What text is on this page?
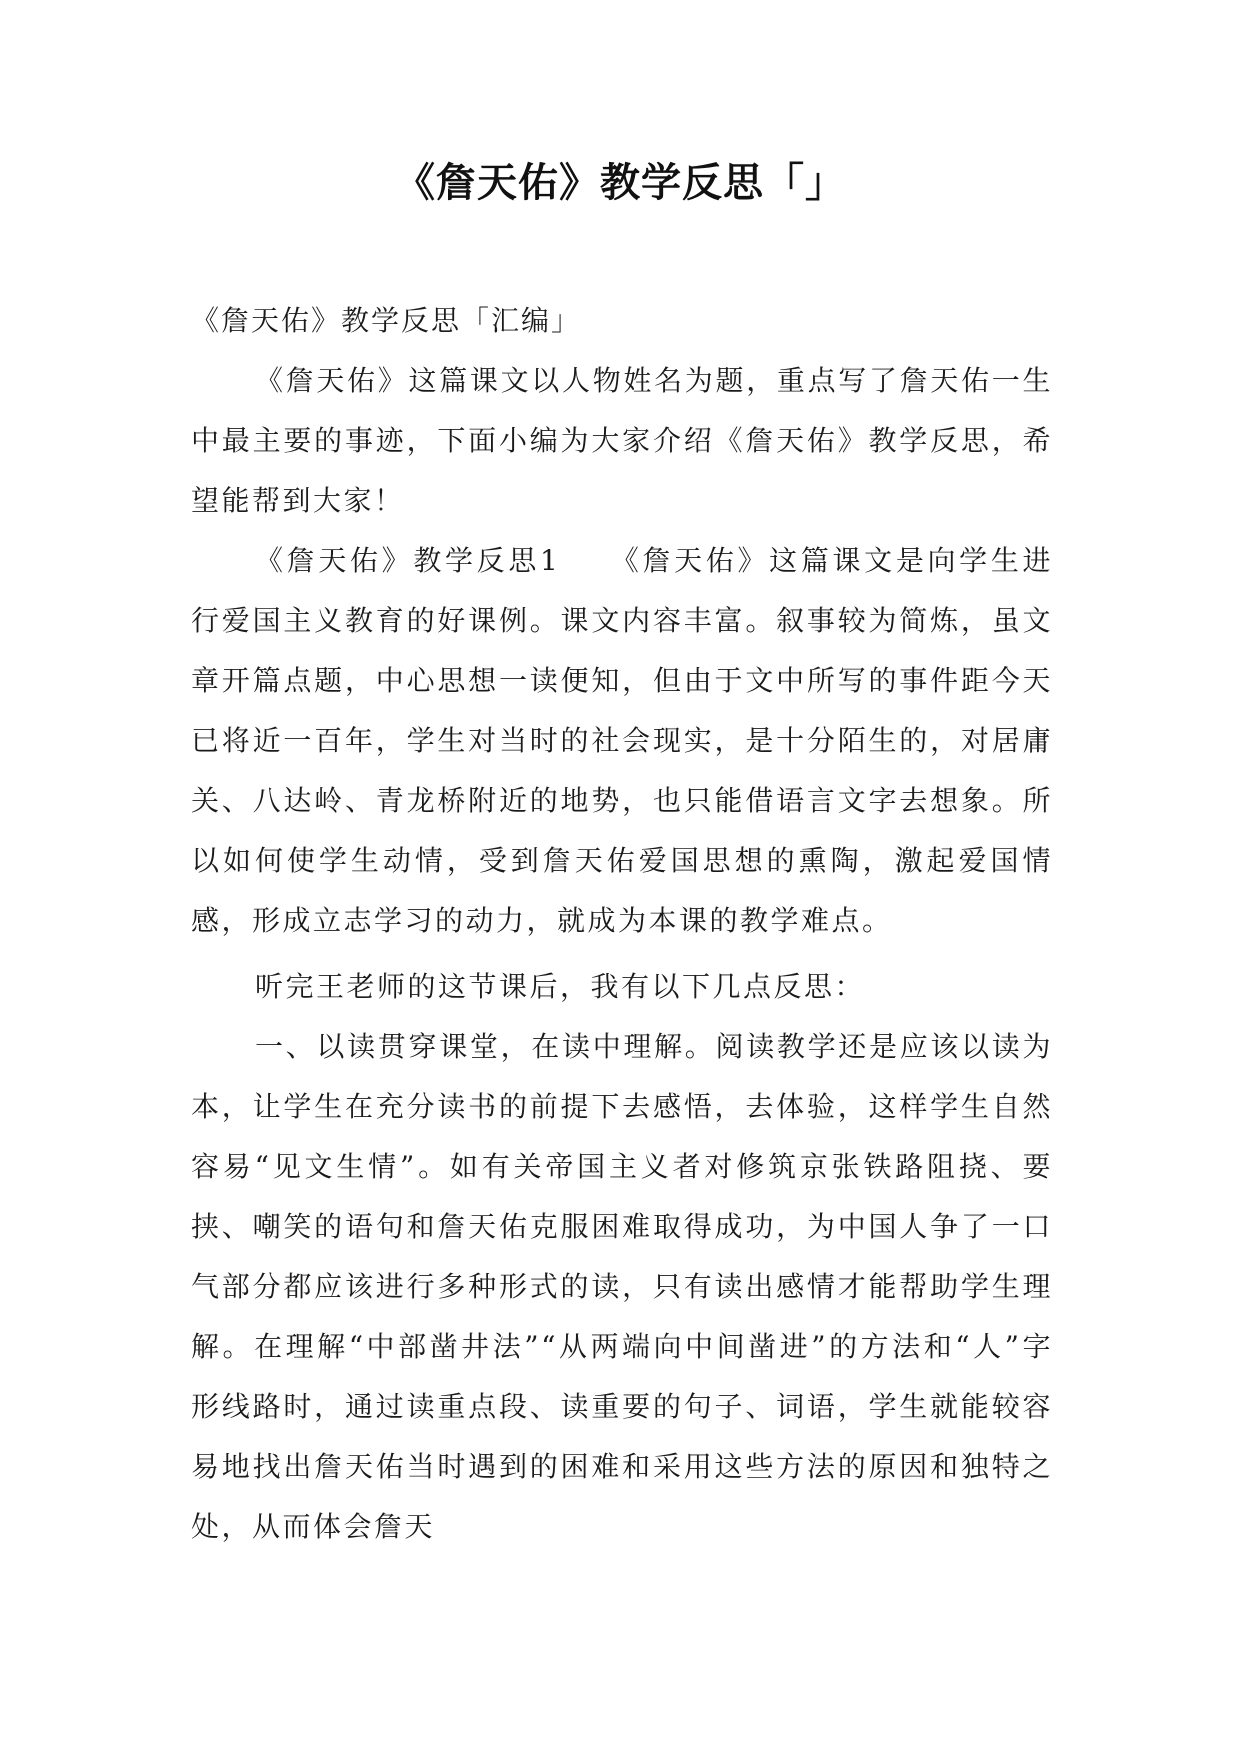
《詹天佑》教学反思「」
《詹天佑》教学反思「汇编」

《詹天佑》这篇课文以人物姓名为题，重点写了詹天佑一生中最主要的事迹，下面小编为大家介绍《詹天佑》教学反思，希望能帮到大家！

《詹天佑》教学反思1　　《詹天佑》这篇课文是向学生进行爱国主义教育的好课例。课文内容丰富。叙事较为简炼，虽文章开篇点题，中心思想一读便知，但由于文中所写的事件距今天已将近一百年，学生对当时的社会现实，是十分陌生的，对居庸关、八达岭、青龙桥附近的地势，也只能借语言文字去想象。所以如何使学生动情，受到詹天佑爱国思想的熏陶，激起爱国情感，形成立志学习的动力，就成为本课的教学难点。

听完王老师的这节课后，我有以下几点反思：

一、以读贯穿课堂，在读中理解。阅读教学还是应该以读为本，让学生在充分读书的前提下去感悟，去体验，这样学生自然容易“见文生情”。如有关帝国主义者对修筑京张铁路阻挠、要挟、嘲笑的语句和詹天佑克服困难取得成功，为中国人争了一口气部分都应该进行多种形式的读，只有读出感情才能帮助学生理解。在理解“中部凿井法”“从两端向中间凿进”的方法和“人”字形线路时，通过读重点段、读重要的句子、词语，学生就能较容易地找出詹天佑当时遇到的困难和采用这些方法的原因和独特之处，从而体会詹天
